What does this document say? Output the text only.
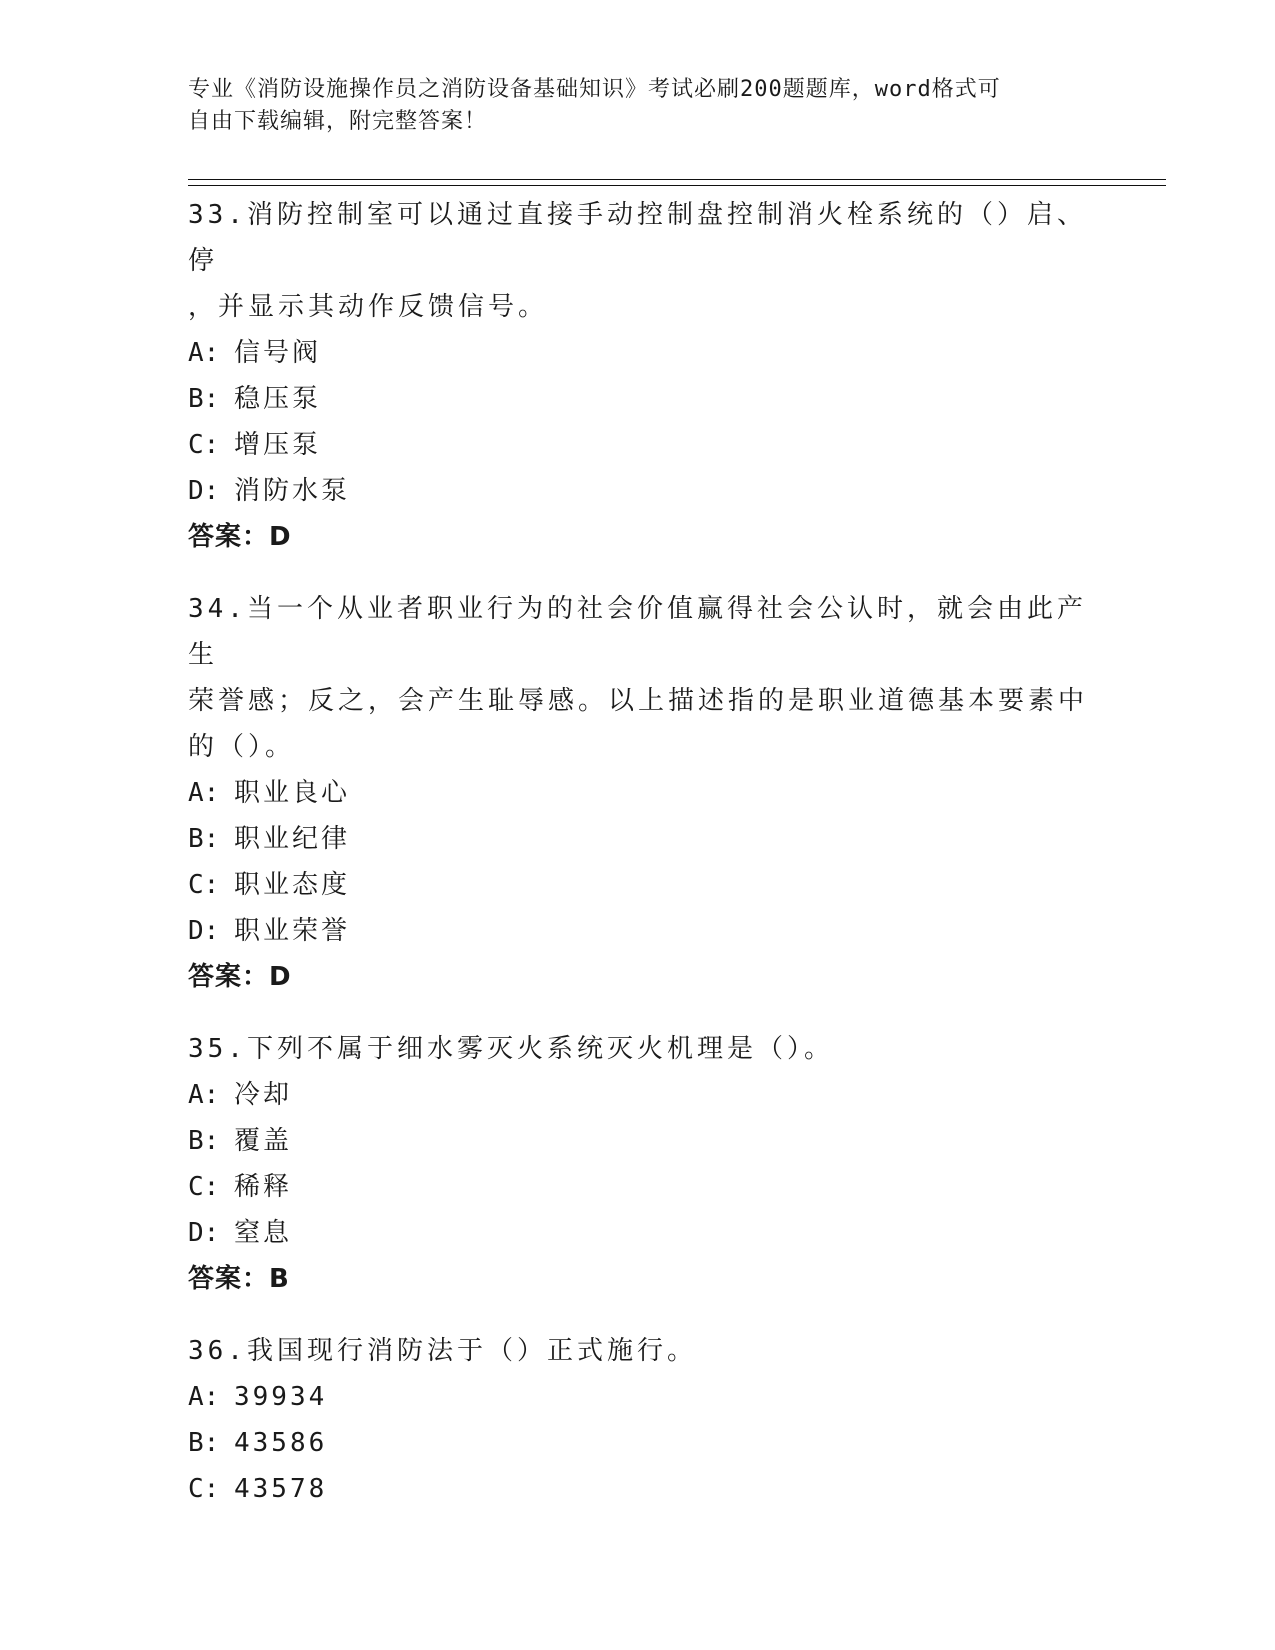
专业《消防设施操作员之消防设备基础知识》考试必刷200题题库，word格式可
自由下载编辑，附完整答案！
33.消防控制室可以通过直接手动控制盘控制消火栓系统的（）启、停
，并显示其动作反馈信号。
A: 信号阀
B: 稳压泵
C: 增压泵
D: 消防水泵
答案：D
34.当一个从业者职业行为的社会价值赢得社会公认时，就会由此产生
荣誉感；反之，会产生耻辱感。以上描述指的是职业道德基本要素中
的（）。
A: 职业良心
B: 职业纪律
C: 职业态度
D: 职业荣誉
答案：D
35.下列不属于细水雾灭火系统灭火机理是（）。
A: 冷却
B: 覆盖
C: 稀释
D: 窒息
答案：B
36.我国现行消防法于（）正式施行。
A: 39934
B: 43586
C: 43578
